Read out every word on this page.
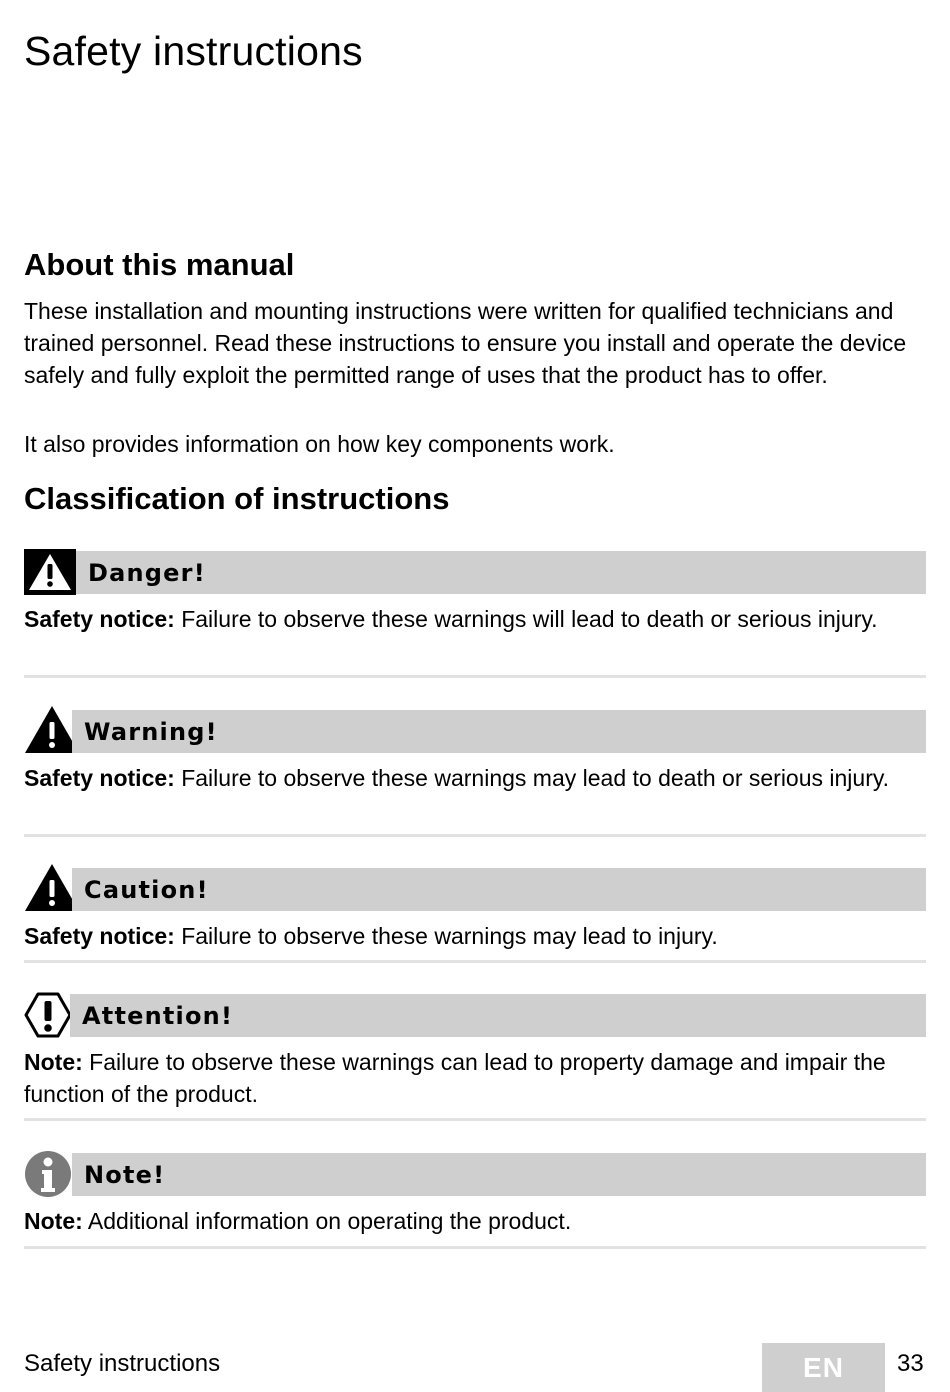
Safety instructions
About this manual

These installation and mounting instructions were written for qualified technicians and trained personnel. Read these instructions to ensure you install and operate the device safely and fully exploit the permitted range of uses that the product has to offer.

It also provides information on how key components work.

Classification of instructions
Danger!
Safety notice: Failure to observe these warnings will lead to death or serious injury.
Warning!
Safety notice: Failure to observe these warnings may lead to death or serious injury.
Caution!
Safety notice: Failure to observe these warnings may lead to injury.
Attention!
Note: Failure to observe these warnings can lead to property damage and impair the function of the product.
Note!
Note: Additional information on operating the product.
Safety instructions	EN	33
